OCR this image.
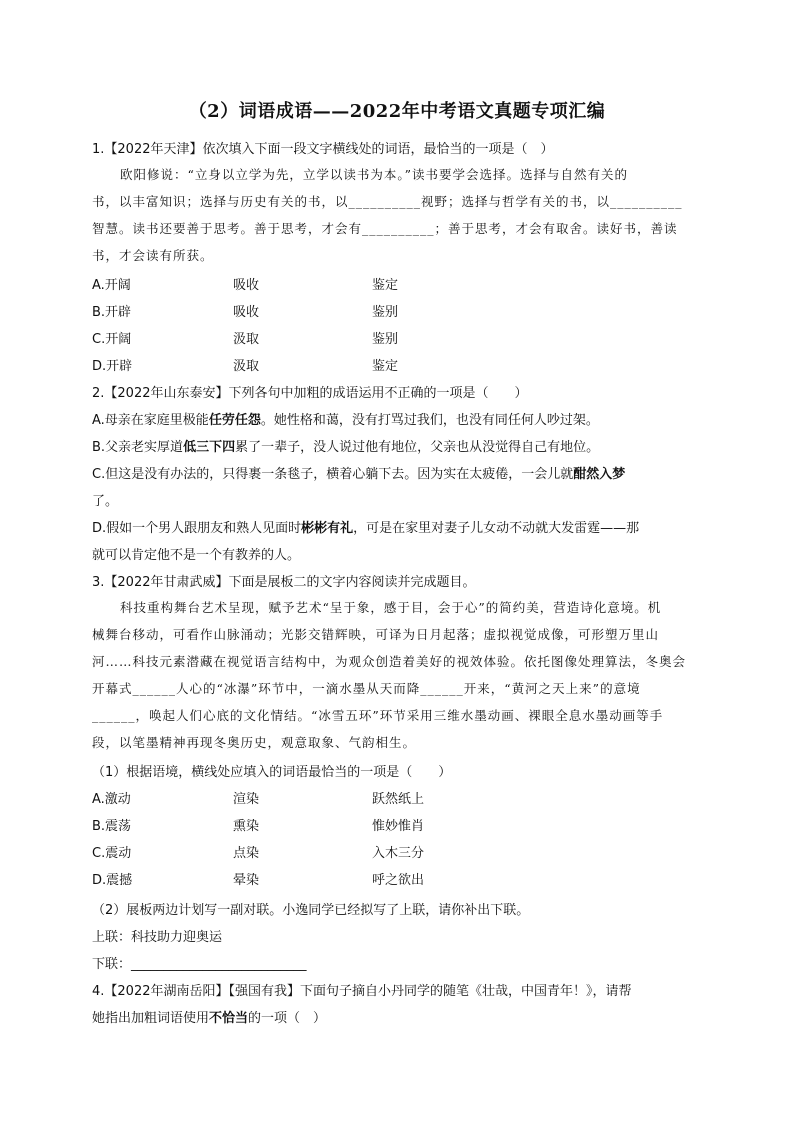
（2）词语成语——2022年中考语文真题专项汇编
1.【2022年天津】依次填入下面一段文字横线处的词语，最恰当的一项是（　）
欧阳修说：“立身以立学为先，立学以读书为本。”读书要学会选择。选择与自然有关的
书，以丰富知识；选择与历史有关的书，以__________视野；选择与哲学有关的书，以__________
智慧。读书还要善于思考。善于思考，才会有__________；善于思考，才会有取舍。读好书，善读
书，才会读有所获。
A.开阔	吸收	鉴定
B.开辟	吸收	鉴别
C.开阔	汲取	鉴别
D.开辟	汲取	鉴定
2.【2022年山东泰安】下列各句中加粗的成语运用不正确的一项是（　　）
A.母亲在家庭里极能任劳任怨。她性格和蔼，没有打骂过我们，也没有同任何人吵过架。
B.父亲老实厚道低三下四累了一辈子，没人说过他有地位，父亲也从没觉得自己有地位。
C.但这是没有办法的，只得裹一条毯子，横着心躺下去。因为实在太疲倦，一会儿就酣然入梦
了。
D.假如一个男人跟朋友和熟人见面时彬彬有礼，可是在家里对妻子儿女动不动就大发雷霆——那
就可以肯定他不是一个有教养的人。
3.【2022年甘肃武威】下面是展板二的文字内容阅读并完成题目。
科技重构舞台艺术呈现，赋予艺术“呈于象，感于目，会于心”的简约美，营造诗化意境。机
械舞台移动，可看作山脉涌动；光影交错辉映，可译为日月起落；虚拟视觉成像，可形塑万里山
河……科技元素潜藏在视觉语言结构中，为观众创造着美好的视效体验。依托图像处理算法，冬奥会
开幕式______人心的“冰瀑”环节中，一滴水墨从天而降______开来，“黄河之天上来”的意境
______，唤起人们心底的文化情结。“冰雪五环”环节采用三维水墨动画、裸眼全息水墨动画等手
段，以笔墨精神再现冬奥历史，观意取象、气韵相生。
（1）根据语境，横线处应填入的词语最恰当的一项是（　　）
A.激动	渲染	跃然纸上
B.震荡	熏染	惟妙惟肖
C.震动	点染	入木三分
D.震撼	晕染	呼之欲出
（2）展板两边计划写一副对联。小逸同学已经拟写了上联，请你补出下联。
上联：科技助力迎奥运
下联：___________________________
4.【2022年湖南岳阳】【强国有我】下面句子摘自小丹同学的随笔《壮哉，中国青年！》，请帮
她指出加粗词语使用不恰当的一项（　）
